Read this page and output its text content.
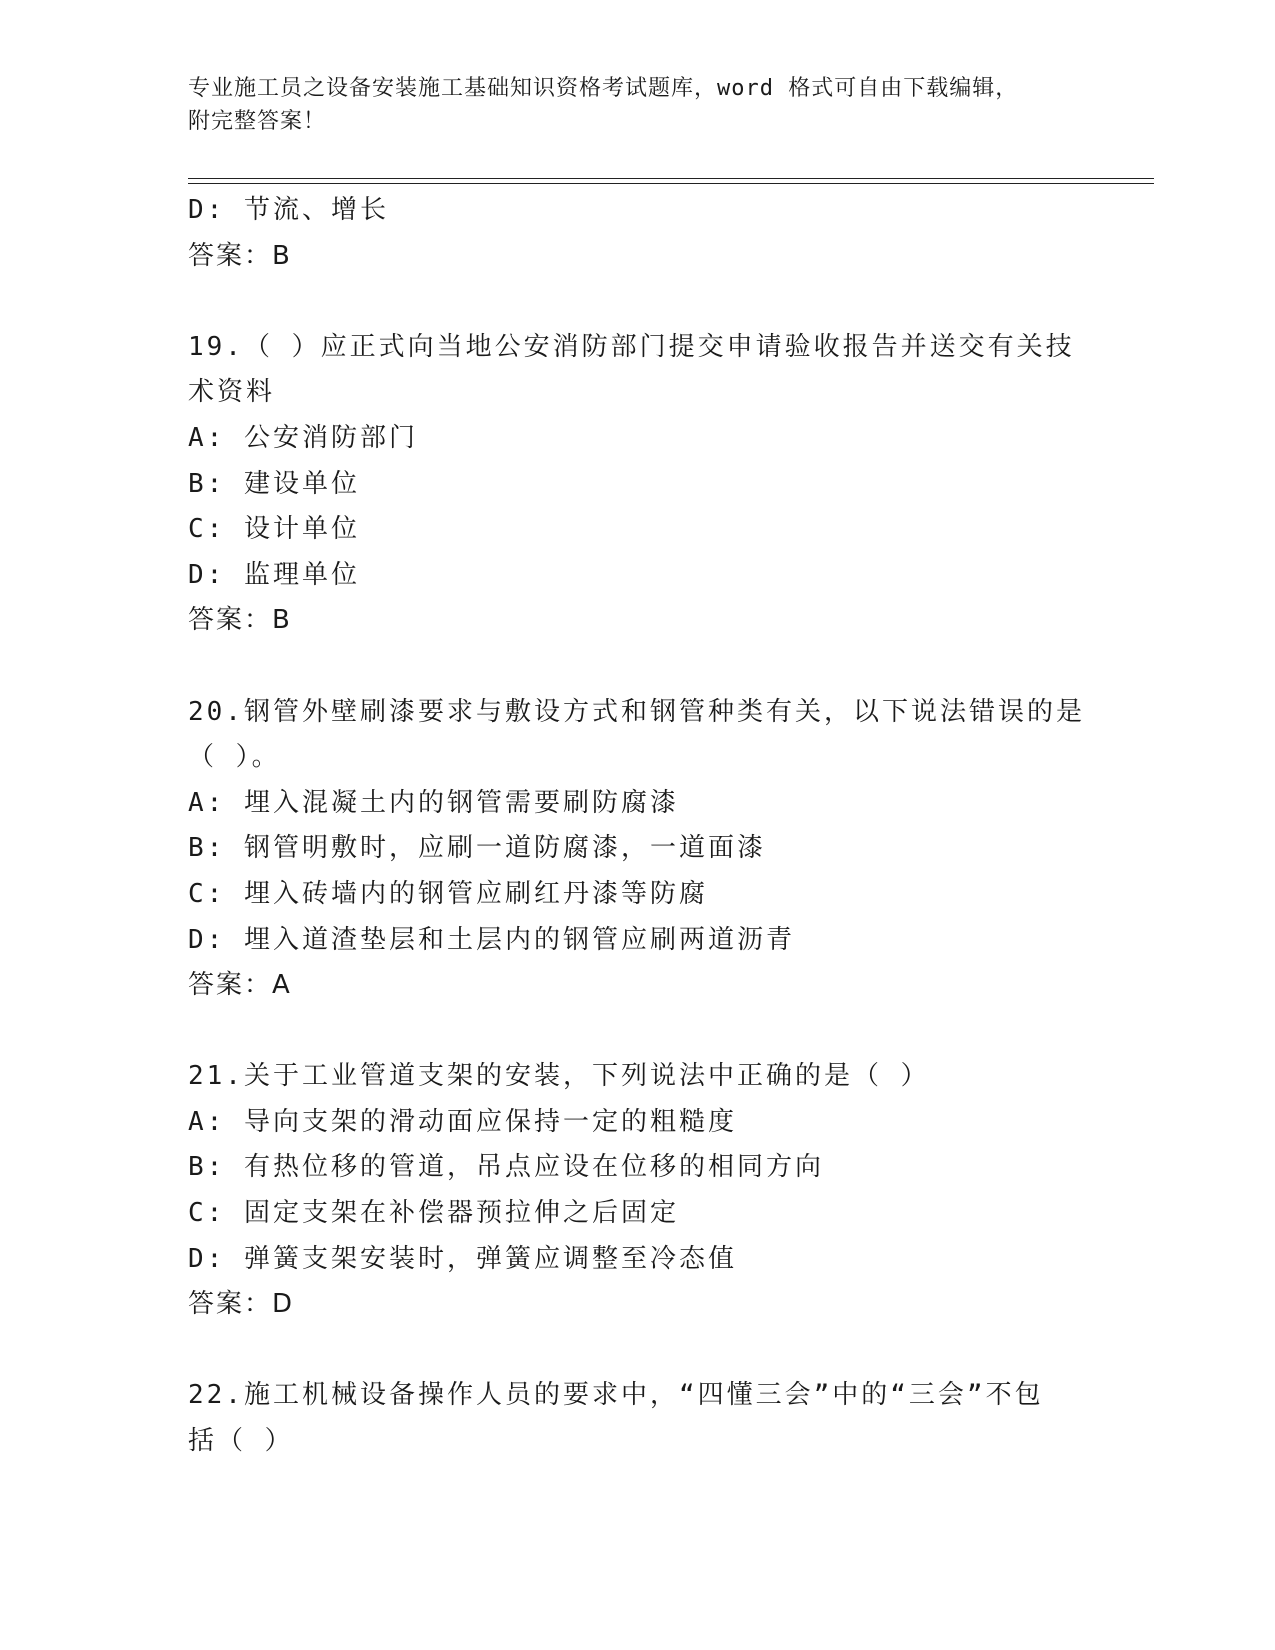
专业施工员之设备安装施工基础知识资格考试题库，word 格式可自由下载编辑，
附完整答案！
D: 节流、增长
答案：B
19.（ ）应正式向当地公安消防部门提交申请验收报告并送交有关技
术资料
A: 公安消防部门
B: 建设单位
C: 设计单位
D: 监理单位
答案：B
20.钢管外壁刷漆要求与敷设方式和钢管种类有关，以下说法错误的是
（ ）。
A: 埋入混凝土内的钢管需要刷防腐漆
B: 钢管明敷时，应刷一道防腐漆，一道面漆
C: 埋入砖墙内的钢管应刷红丹漆等防腐
D: 埋入道渣垫层和土层内的钢管应刷两道沥青
答案：A
21.关于工业管道支架的安装，下列说法中正确的是（ ）
A: 导向支架的滑动面应保持一定的粗糙度
B: 有热位移的管道，吊点应设在位移的相同方向
C: 固定支架在补偿器预拉伸之后固定
D: 弹簧支架安装时，弹簧应调整至冷态值
答案：D
22.施工机械设备操作人员的要求中，“四懂三会”中的“三会”不包
括（ ）
